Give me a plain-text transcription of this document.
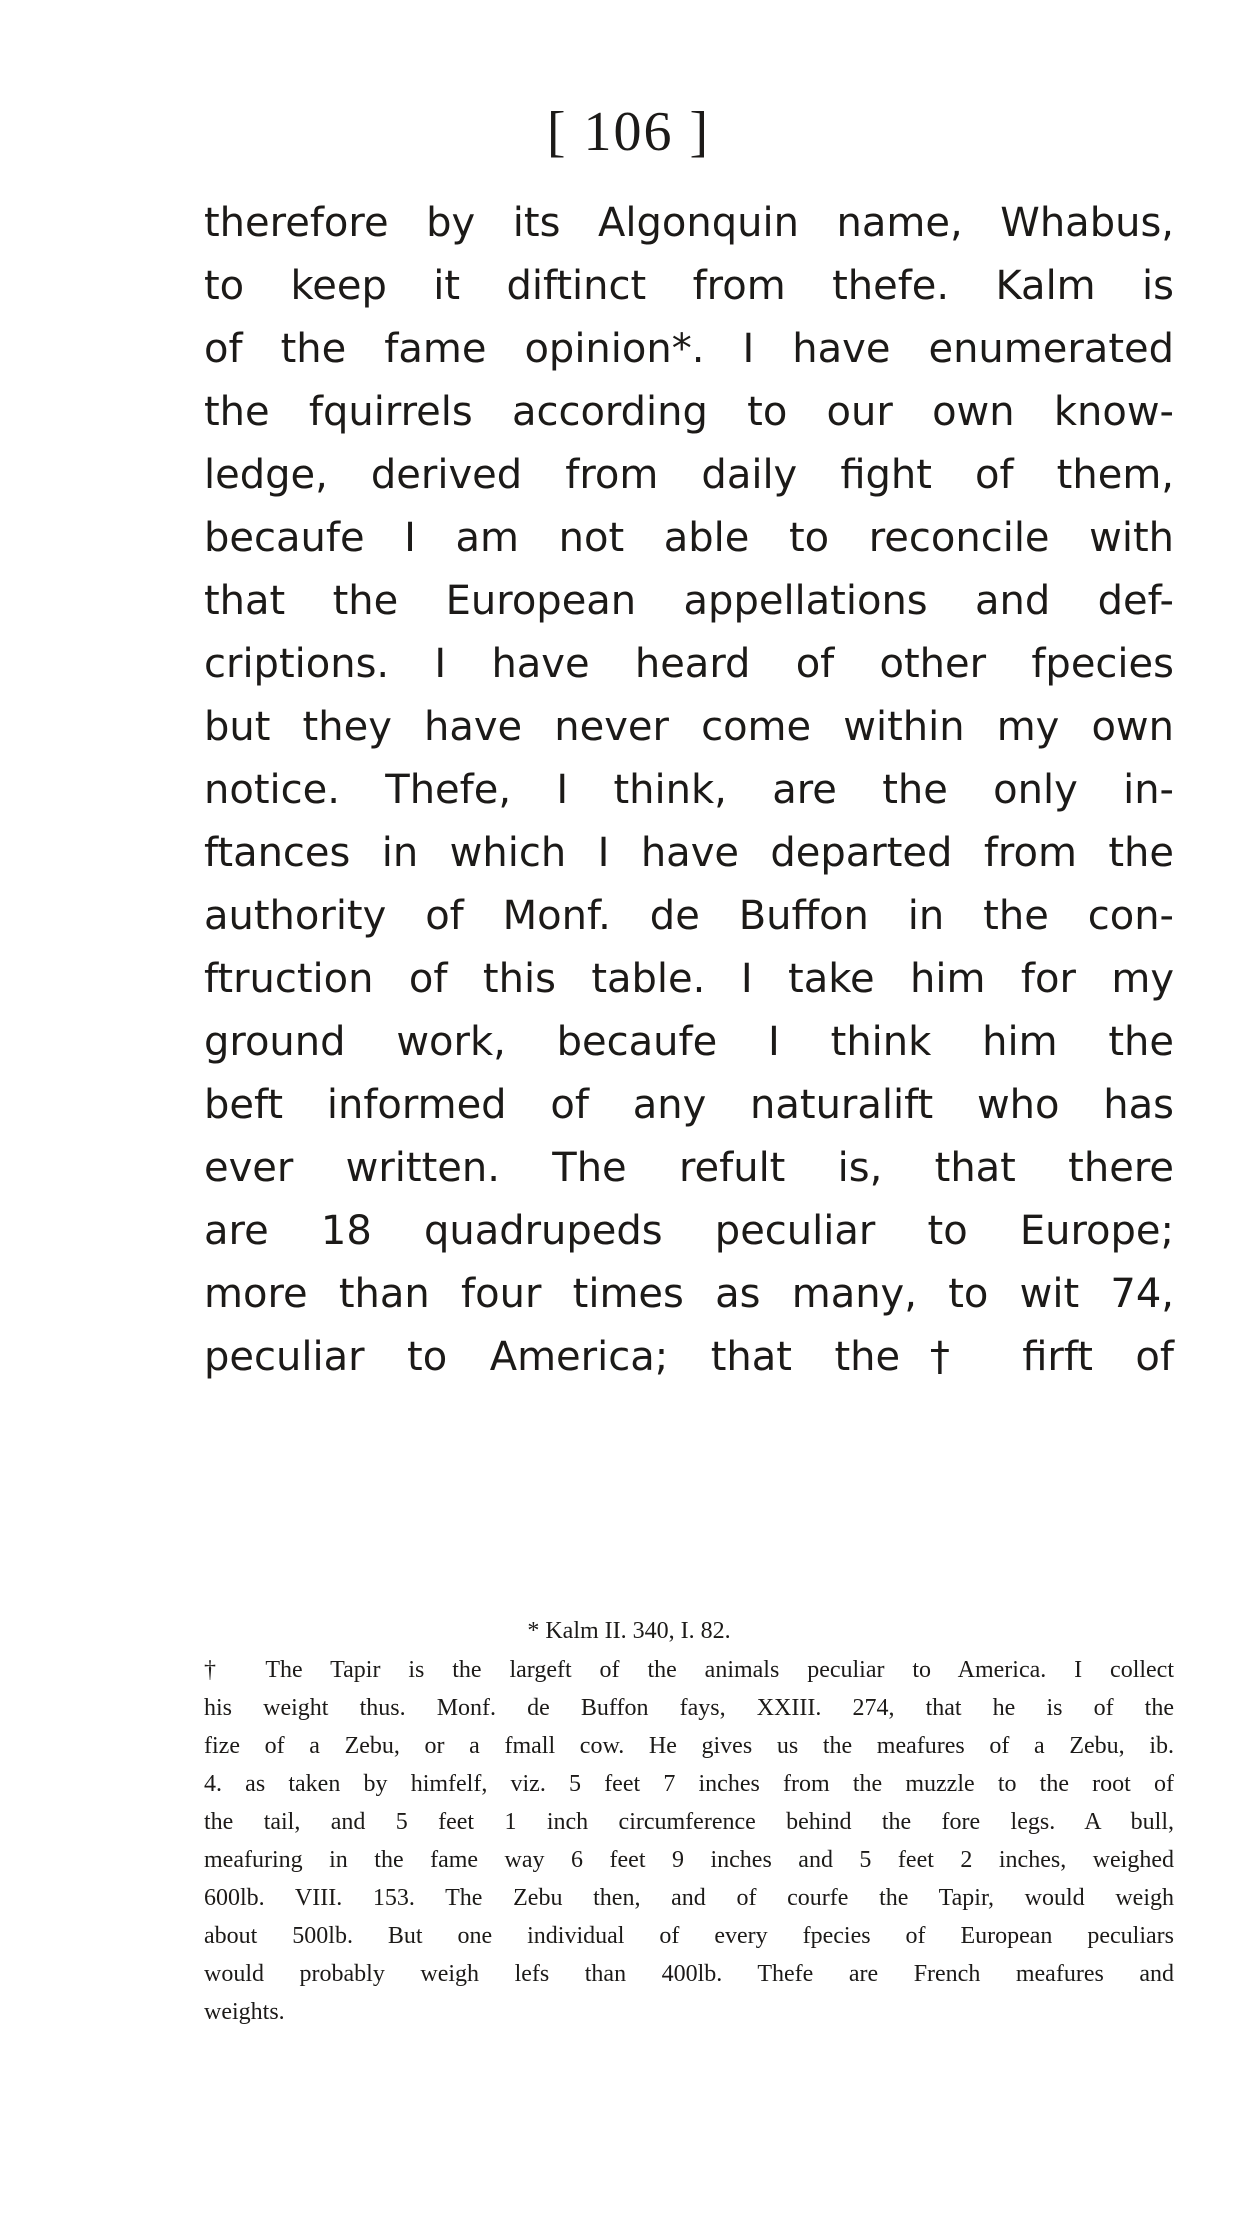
[ 106 ]
therefore by its Algonquin name, Whabus,
to keep it diftinct from thefe. Kalm is
of the fame opinion*. I have enumerated
the fquirrels according to our own know-
ledge, derived from daily fight of them,
becaufe I am not able to reconcile with
that the European appellations and def-
criptions. I have heard of other fpecies
but they have never come within my own
notice. Thefe, I think, are the only in-
ftances in which I have departed from the
authority of Monf. de Buffon in the con-
ftruction of this table. I take him for my
ground work, becaufe I think him the
beft informed of any naturalift who has
ever written. The refult is, that there
are 18 quadrupeds peculiar to Europe;
more than four times as many, to wit 74,
peculiar to America; that the† firft of
* Kalm II. 340, I. 82.
† The Tapir is the largeft of the animals peculiar to America. I collect
his weight thus. Monf. de Buffon fays, XXIII. 274, that he is of the
fize of a Zebu, or a fmall cow. He gives us the meafures of a Zebu, ib.
4. as taken by himfelf, viz. 5 feet 7 inches from the muzzle to the root of
the tail, and 5 feet 1 inch circumference behind the fore legs. A bull,
meafuring in the fame way 6 feet 9 inches and 5 feet 2 inches, weighed
600lb. VIII. 153. The Zebu then, and of courfe the Tapir, would weigh
about 500lb. But one individual of every fpecies of European peculiars
would probably weigh lefs than 400lb. Thefe are French meafures and
weights.
